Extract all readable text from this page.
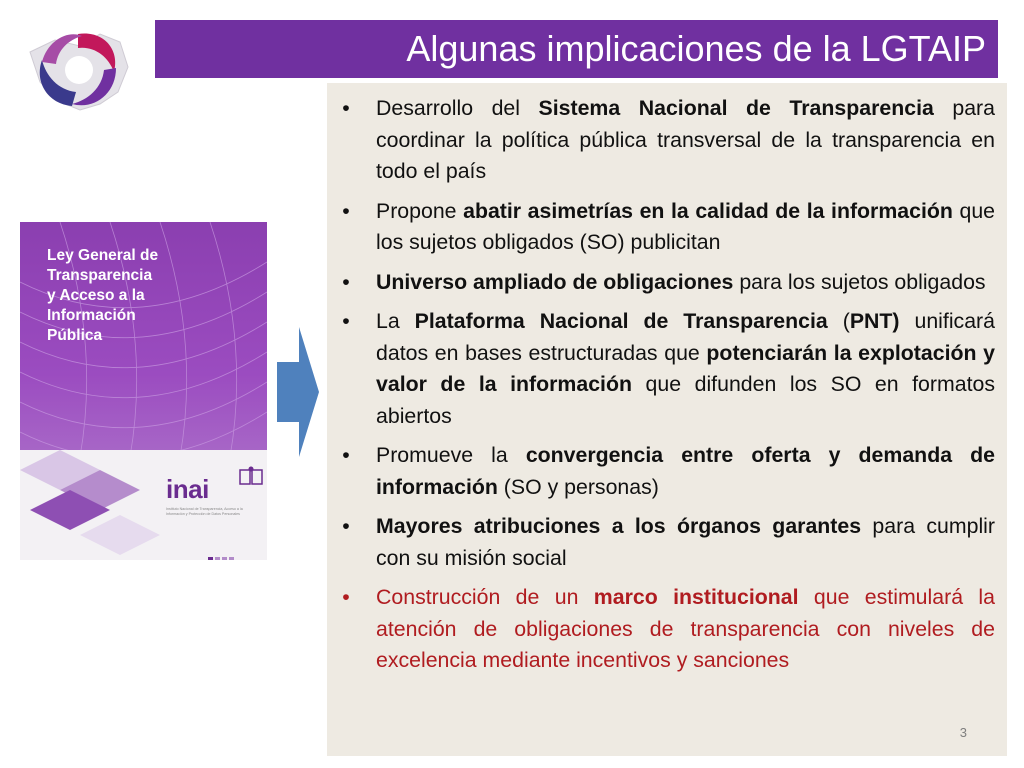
Algunas implicaciones de la LGTAIP
Ley General de
Transparencia
y Acceso a la
Información
Pública
inai
Instituto Nacional de Transparencia, Acceso a la Información y Protección de Datos Personales
• Desarrollo del Sistema Nacional de Transparencia para coordinar la política pública transversal de la transparencia en todo el país
• Propone abatir asimetrías en la calidad de la información que los sujetos obligados (SO) publicitan
• Universo ampliado de obligaciones para los sujetos obligados
• La Plataforma Nacional de Transparencia (PNT) unificará datos en bases estructuradas que potenciarán la explotación y valor de la información que difunden los SO en formatos abiertos
• Promueve la convergencia entre oferta y demanda de información (SO y personas)
• Mayores atribuciones a los órganos garantes para cumplir con su misión social
• Construcción de un marco institucional que estimulará la atención de obligaciones de transparencia con niveles de excelencia mediante incentivos y sanciones
3
